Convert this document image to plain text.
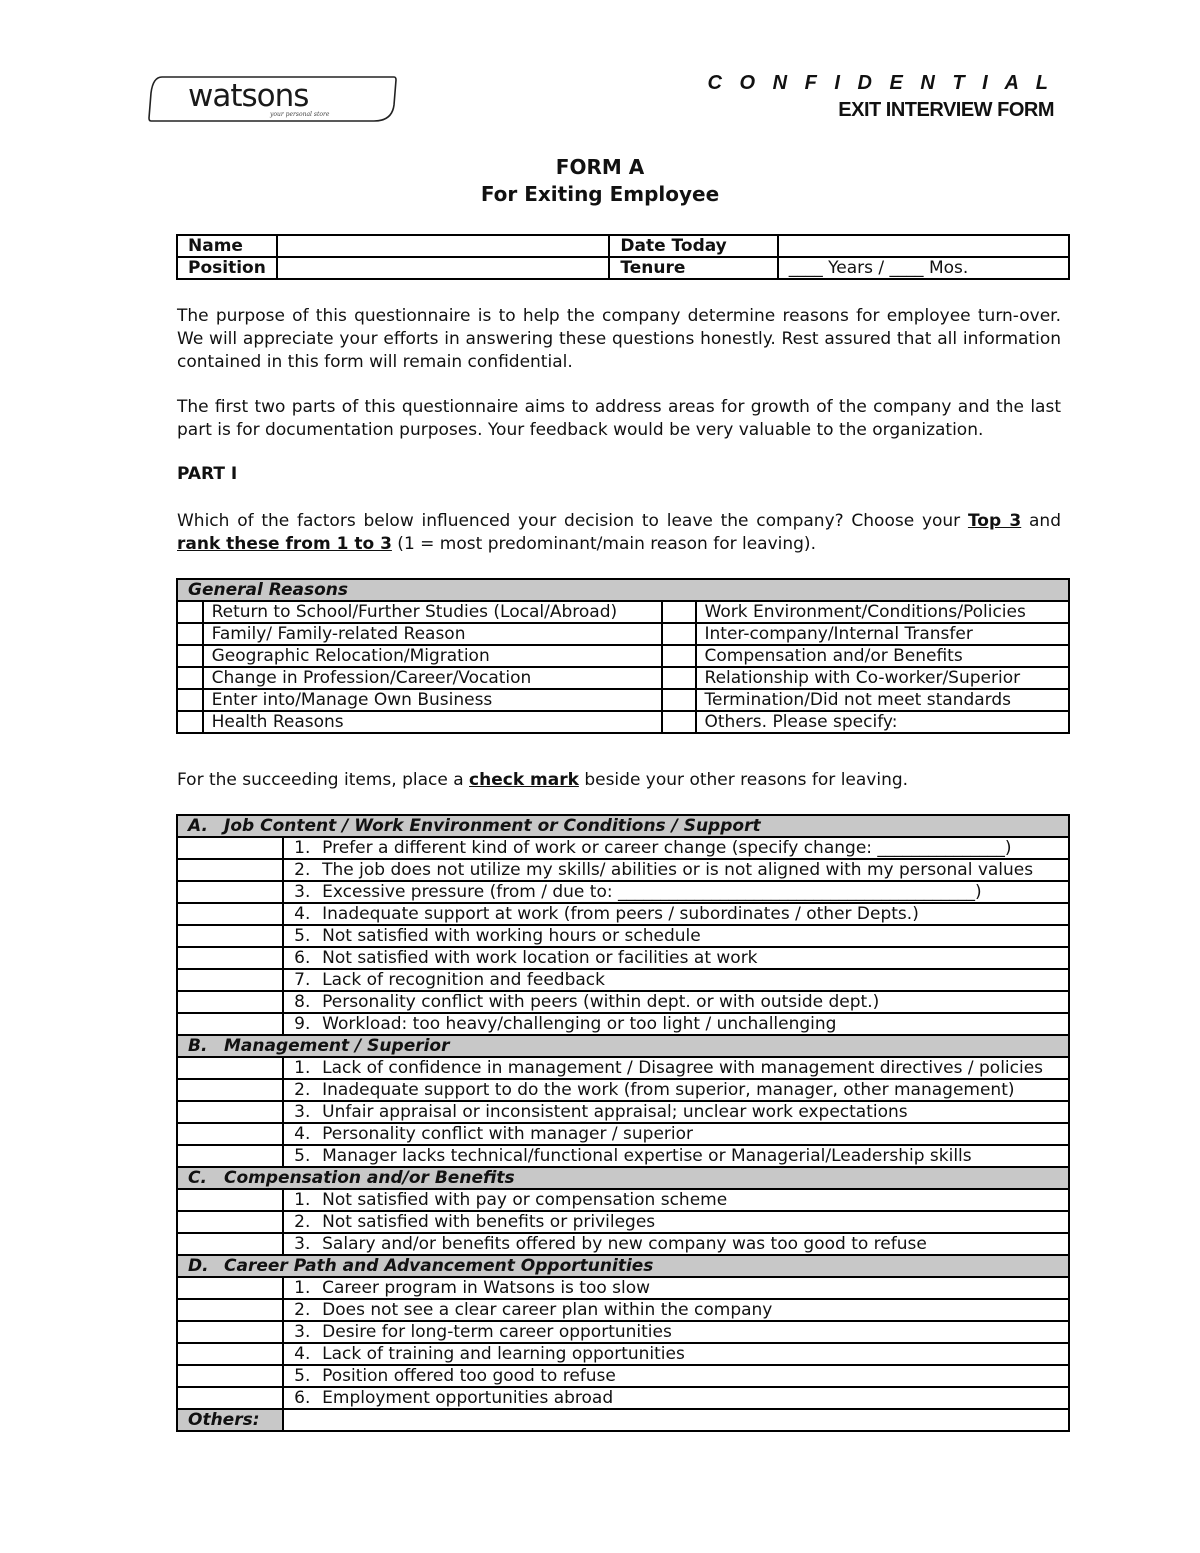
watsons
your personal store
C O N F I D E N T I A L
EXIT INTERVIEW FORM
FORM A
For Exiting Employee
Name		Date Today	
Position		Tenure	____ Years / ____ Mos.
The purpose of this questionnaire is to help the company determine reasons for employee turn-over. We will appreciate your efforts in answering these questions honestly. Rest assured that all information contained in this form will remain confidential.
The first two parts of this questionnaire aims to address areas for growth of the company and the last part is for documentation purposes. Your feedback would be very valuable to the organization.
PART I
Which of the factors below influenced your decision to leave the company? Choose your Top 3 and rank these from 1 to 3 (1 = most predominant/main reason for leaving).
General Reasons			
	Return to School/Further Studies (Local/Abroad)		Work Environment/Conditions/Policies
	Family/ Family-related Reason		Inter-company/Internal Transfer
	Geographic Relocation/Migration		Compensation and/or Benefits
	Change in Profession/Career/Vocation		Relationship with Co-worker/Superior
	Enter into/Manage Own Business		Termination/Did not meet standards
	Health Reasons		Others. Please specify:
For the succeeding items, place a check mark beside your other reasons for leaving.
A. Job Content / Work Environment or Conditions / Support	
	1. Prefer a different kind of work or career change (specify change: _______________)
	2. The job does not utilize my skills/ abilities or is not aligned with my personal values
	3. Excessive pressure (from / due to: __________________________________________)
	4. Inadequate support at work (from peers / subordinates / other Depts.)
	5. Not satisfied with working hours or schedule
	6. Not satisfied with work location or facilities at work
	7. Lack of recognition and feedback
	8. Personality conflict with peers (within dept. or with outside dept.)
	9. Workload: too heavy/challenging or too light / unchallenging
B. Management / Superior	
	1. Lack of confidence in management / Disagree with management directives / policies
	2. Inadequate support to do the work (from superior, manager, other management)
	3. Unfair appraisal or inconsistent appraisal; unclear work expectations
	4. Personality conflict with manager / superior
	5. Manager lacks technical/functional expertise or Managerial/Leadership skills
C. Compensation and/or Benefits	
	1. Not satisfied with pay or compensation scheme
	2. Not satisfied with benefits or privileges
	3. Salary and/or benefits offered by new company was too good to refuse
D. Career Path and Advancement Opportunities	
	1. Career program in Watsons is too slow
	2. Does not see a clear career plan within the company
	3. Desire for long-term career opportunities
	4. Lack of training and learning opportunities
	5. Position offered too good to refuse
	6. Employment opportunities abroad
Others:	
